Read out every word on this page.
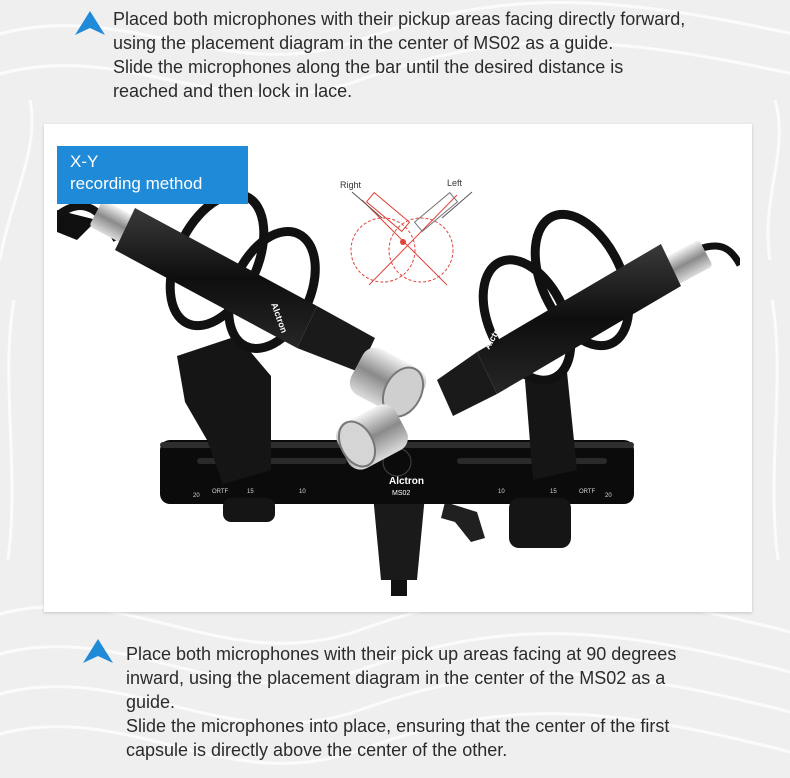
Placed both microphones with their pickup areas facing directly forward,

using the placement diagram in the center of MS02 as a guide.

Slide the microphones along the bar until the desired distance is

reached and then lock in lace.

Alctron
MS02
20
ORTF	15	10	10	15	ORTF
20
Alctron
Alctron
Right	Left
X-Y
recording method

Place both microphones with their pick up areas facing at 90 degrees

inward, using the placement diagram in the center of the MS02 as a

guide.

Slide the microphones into place, ensuring that the center of the first

capsule is directly above the center of the other.
